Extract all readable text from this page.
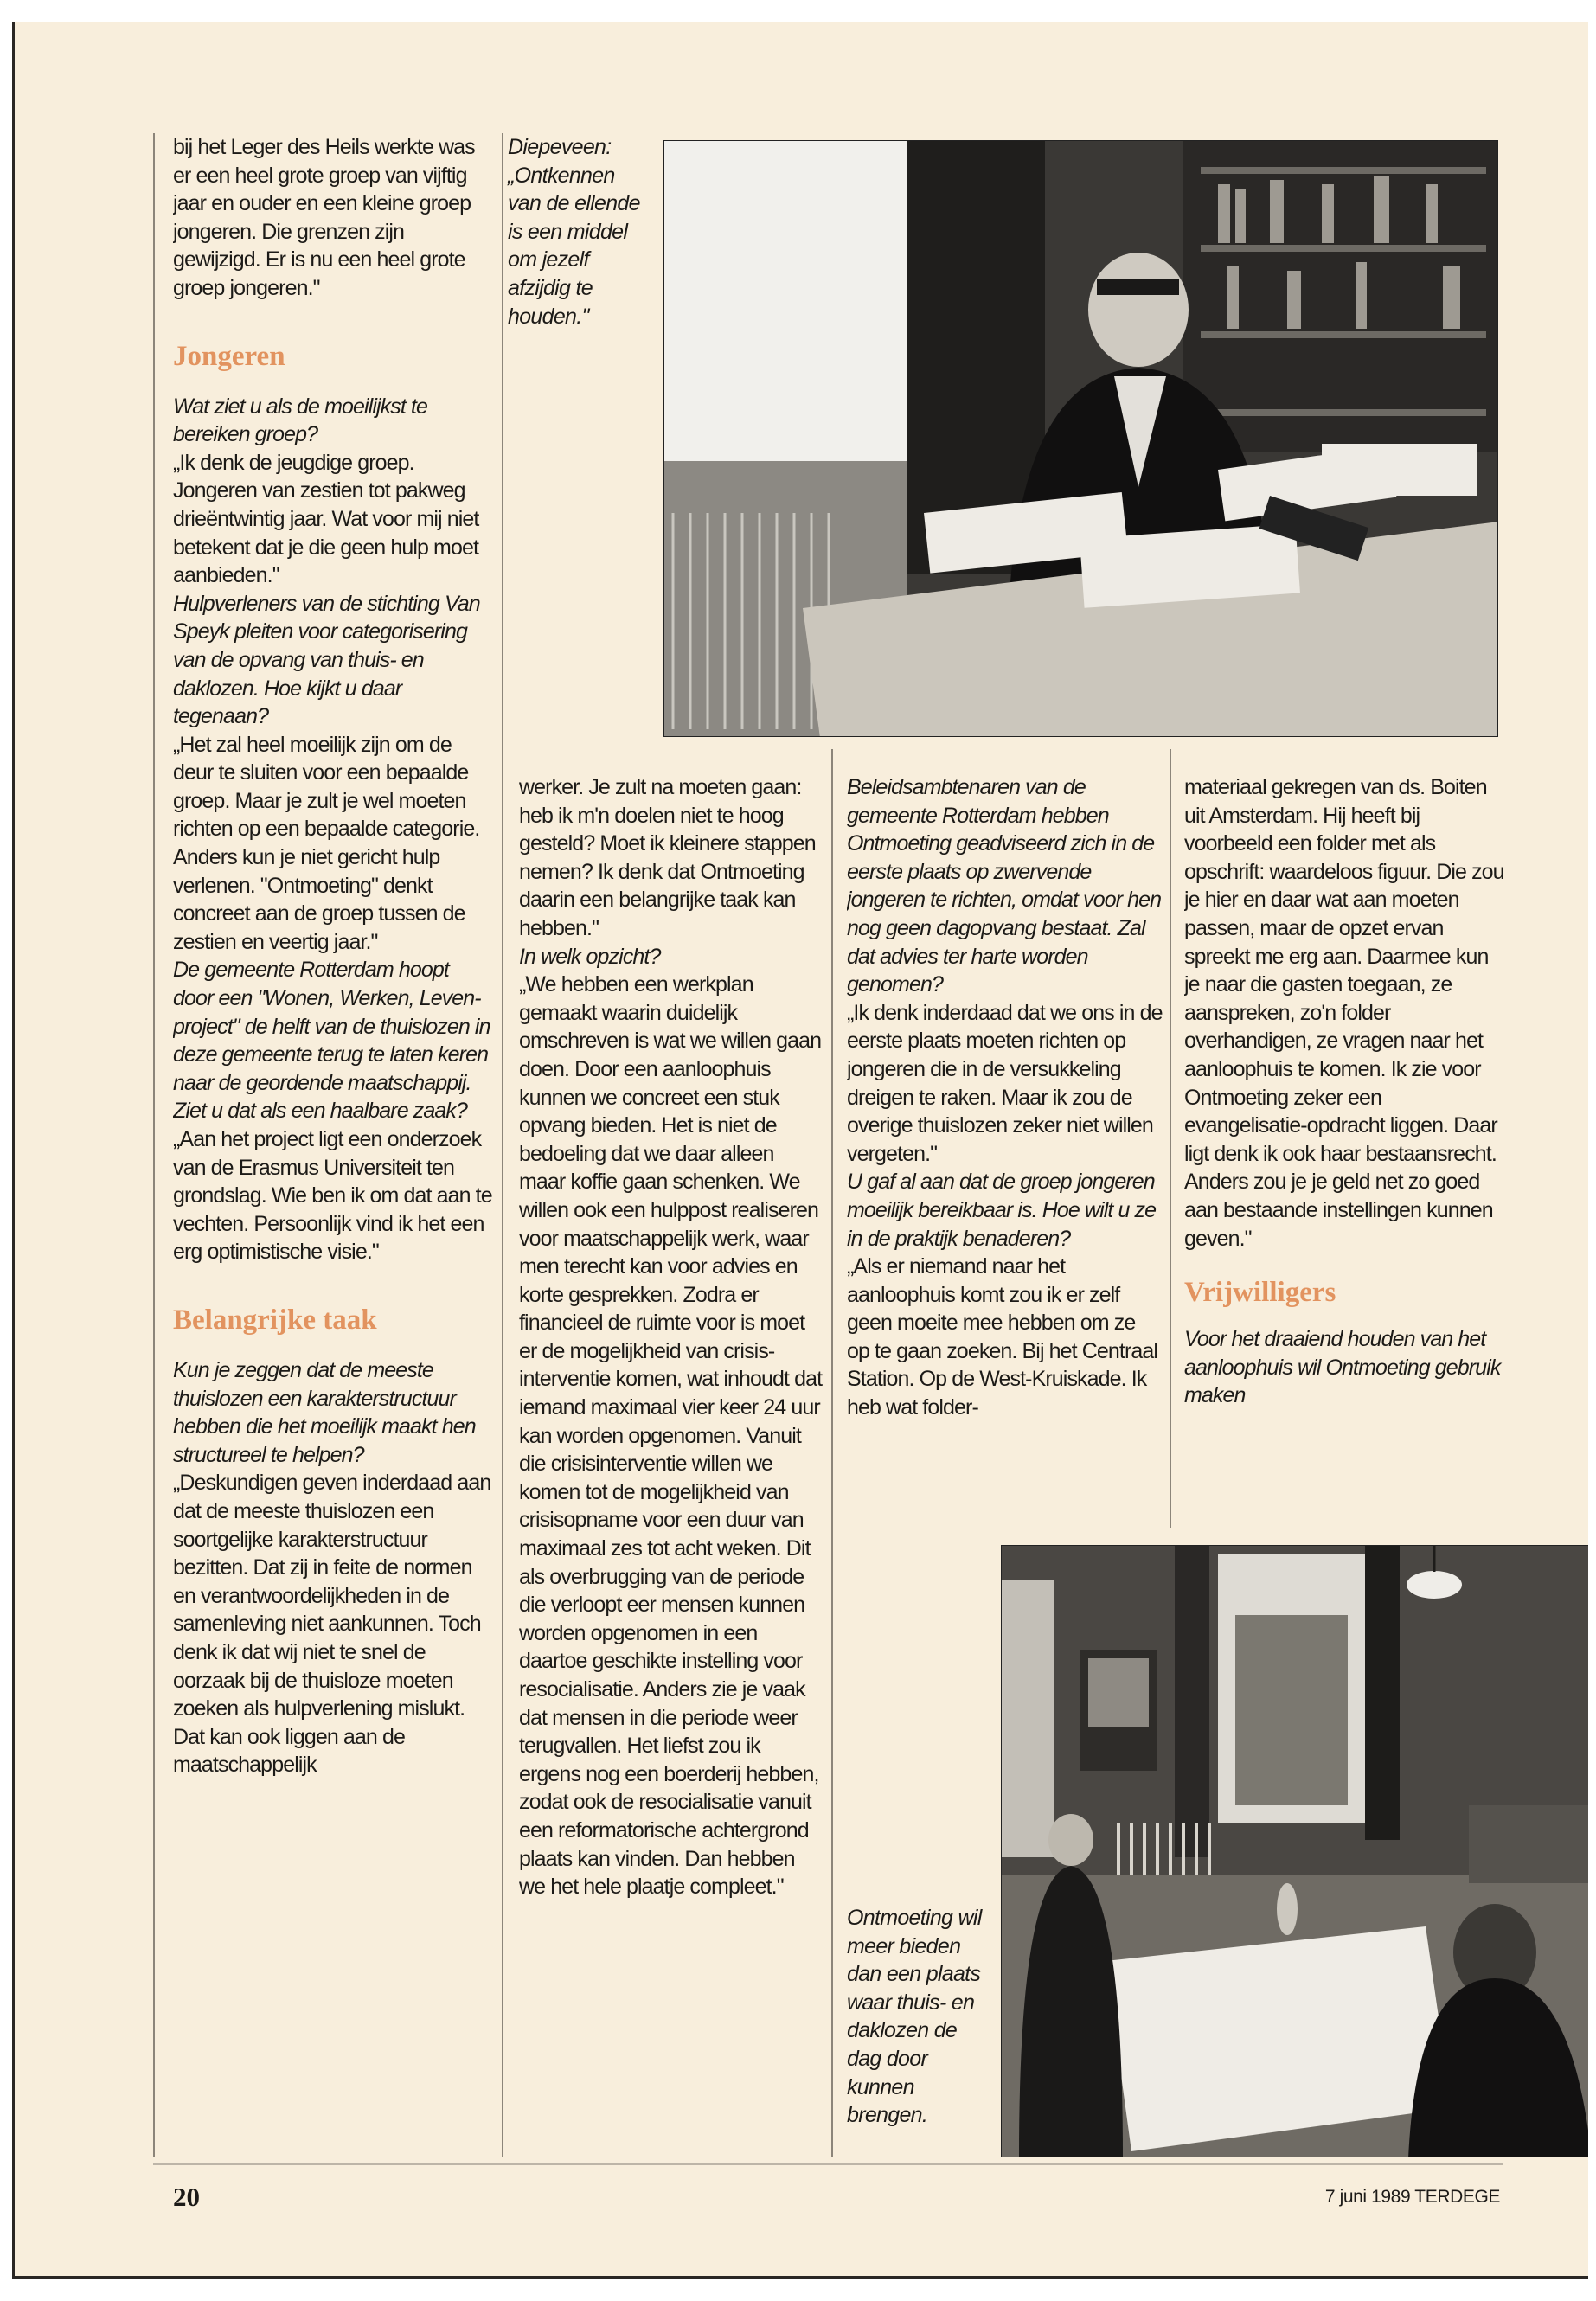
bij het Leger des Heils werkte was er een heel grote groep van vijftig jaar en ouder en een kleine groep jongeren. Die grenzen zijn gewijzigd. Er is nu een heel grote groep jongeren."

Jongeren

Wat ziet u als de moeilijkst te bereiken groep?

„Ik denk de jeugdige groep. Jongeren van zestien tot pakweg drieëntwintig jaar. Wat voor mij niet betekent dat je die geen hulp moet aanbieden."

Hulpverleners van de stichting Van Speyk pleiten voor categorisering van de opvang van thuis- en daklozen. Hoe kijkt u daar tegenaan?

„Het zal heel moeilijk zijn om de deur te sluiten voor een bepaalde groep. Maar je zult je wel moeten richten op een bepaalde categorie. Anders kun je niet gericht hulp verlenen. "Ontmoeting" denkt concreet aan de groep tussen de zestien en veertig jaar."

De gemeente Rotterdam hoopt door een "Wonen, Werken, Leven-project" de helft van de thuislozen in deze gemeente terug te laten keren naar de geordende maatschappij. Ziet u dat als een haalbare zaak?

„Aan het project ligt een onderzoek van de Erasmus Universiteit ten grondslag. Wie ben ik om dat aan te vechten. Persoonlijk vind ik het een erg optimistische visie."

Belangrijke taak

Kun je zeggen dat de meeste thuislozen een karakterstructuur hebben die het moeilijk maakt hen structureel te helpen?

„Deskundigen geven inderdaad aan dat de meeste thuislozen een soortgelijke karakterstructuur bezitten. Dat zij in feite de normen en verantwoordelijkheden in de samenleving niet aankunnen. Toch denk ik dat wij niet te snel de oorzaak bij de thuisloze moeten zoeken als hulpverlening mislukt. Dat kan ook liggen aan de maatschappelijk

Diepeveen: „Ontkennen van de ellende is een middel om jezelf afzijdig te houden."

werker. Je zult na moeten gaan: heb ik m'n doelen niet te hoog gesteld? Moet ik kleinere stappen nemen? Ik denk dat Ontmoeting daarin een belangrijke taak kan hebben."

In welk opzicht?

„We hebben een werkplan gemaakt waarin duidelijk omschreven is wat we willen gaan doen. Door een aanloophuis kunnen we concreet een stuk opvang bieden. Het is niet de bedoeling dat we daar alleen maar koffie gaan schenken. We willen ook een hulppost realiseren voor maatschappelijk werk, waar men terecht kan voor advies en korte gesprekken. Zodra er financieel de ruimte voor is moet er de mogelijkheid van crisis-interventie komen, wat inhoudt dat iemand maximaal vier keer 24 uur kan worden opgenomen. Vanuit die crisisinterventie willen we komen tot de mogelijkheid van crisisopname voor een duur van maximaal zes tot acht weken. Dit als overbrugging van de periode die verloopt eer mensen kunnen worden opgenomen in een daartoe geschikte instelling voor resocialisatie. Anders zie je vaak dat mensen in die periode weer terugvallen. Het liefst zou ik ergens nog een boerderij hebben, zodat ook de resocialisatie vanuit een reformatorische achtergrond plaats kan vinden. Dan hebben we het hele plaatje compleet."

Beleidsambtenaren van de gemeente Rotterdam hebben Ontmoeting geadviseerd zich in de eerste plaats op zwervende jongeren te richten, omdat voor hen nog geen dagopvang bestaat. Zal dat advies ter harte worden genomen?

„Ik denk inderdaad dat we ons in de eerste plaats moeten richten op jongeren die in de versukkeling dreigen te raken. Maar ik zou de overige thuislozen zeker niet willen vergeten."

U gaf al aan dat de groep jongeren moeilijk bereikbaar is. Hoe wilt u ze in de praktijk benaderen?

„Als er niemand naar het aanloophuis komt zou ik er zelf geen moeite mee hebben om ze op te gaan zoeken. Bij het Centraal Station. Op de West-Kruiskade. Ik heb wat folder-

materiaal gekregen van ds. Boiten uit Amsterdam. Hij heeft bij voorbeeld een folder met als opschrift: waardeloos figuur. Die zou je hier en daar wat aan moeten passen, maar de opzet ervan spreekt me erg aan. Daarmee kun je naar die gasten toegaan, ze aanspreken, zo'n folder overhandigen, ze vragen naar het aanloophuis te komen. Ik zie voor Ontmoeting zeker een evangelisatie-opdracht liggen. Daar ligt denk ik ook haar bestaansrecht. Anders zou je je geld net zo goed aan bestaande instellingen kunnen geven."

Vrijwilligers

Voor het draaiend houden van het aanloophuis wil Ontmoeting gebruik maken

Ontmoeting wil meer bieden dan een plaats waar thuis- en daklozen de dag door kunnen brengen.
20	7 juni 1989 TERDEGE
